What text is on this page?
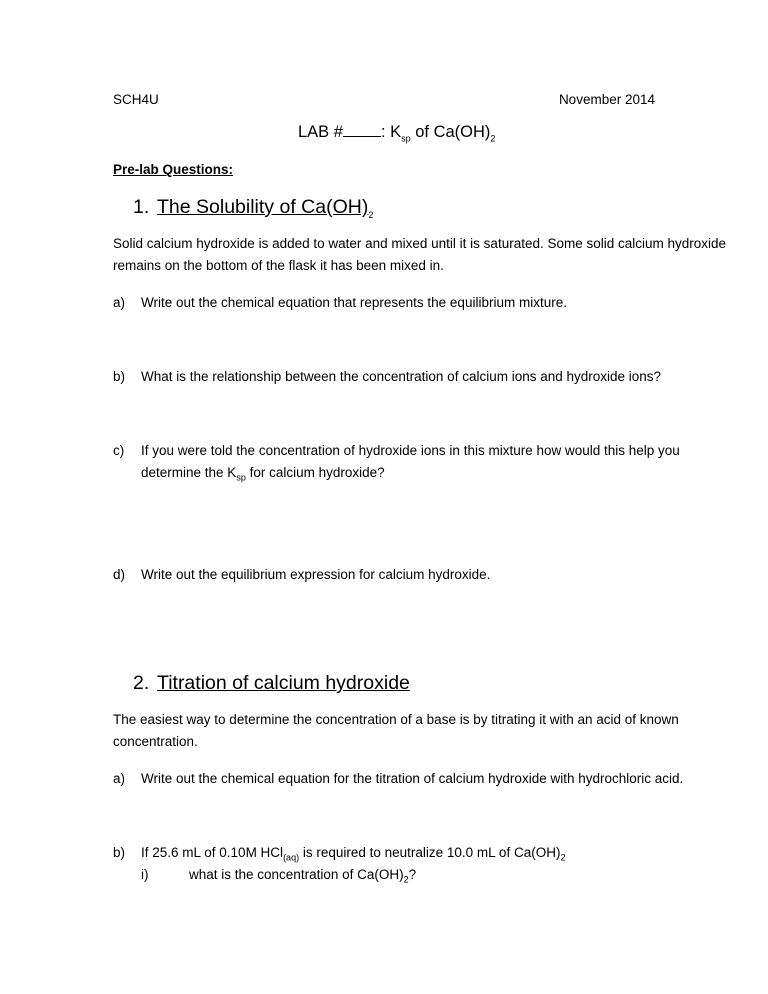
SCH4U	November 2014
LAB # : $K_{sp}$ of $Ca(OH)_2$
Pre-lab Questions:
1. The Solubility of $Ca(OH)_2$
Solid calcium hydroxide is added to water and mixed until it is saturated. Some solid calcium hydroxide
remains on the bottom of the flask it has been mixed in.
a) Write out the chemical equation that represents the equilibrium mixture.
b) What is the relationship between the concentration of calcium ions and hydroxide ions?
c) If you were told the concentration of hydroxide ions in this mixture how would this help you
determine the $K_{sp}$ for calcium hydroxide?
d) Write out the equilibrium expression for calcium hydroxide.
2. Titration of calcium hydroxide
The easiest way to determine the concentration of a base is by titrating it with an acid of known
concentration.
a) Write out the chemical equation for the titration of calcium hydroxide with hydrochloric acid.
b) If 25.6 mL of 0.10M HCl$_{(aq)}$ is required to neutralize 10.0 mL of $Ca(OH)_2$
i)	what is the concentration of $Ca(OH)_2$?
